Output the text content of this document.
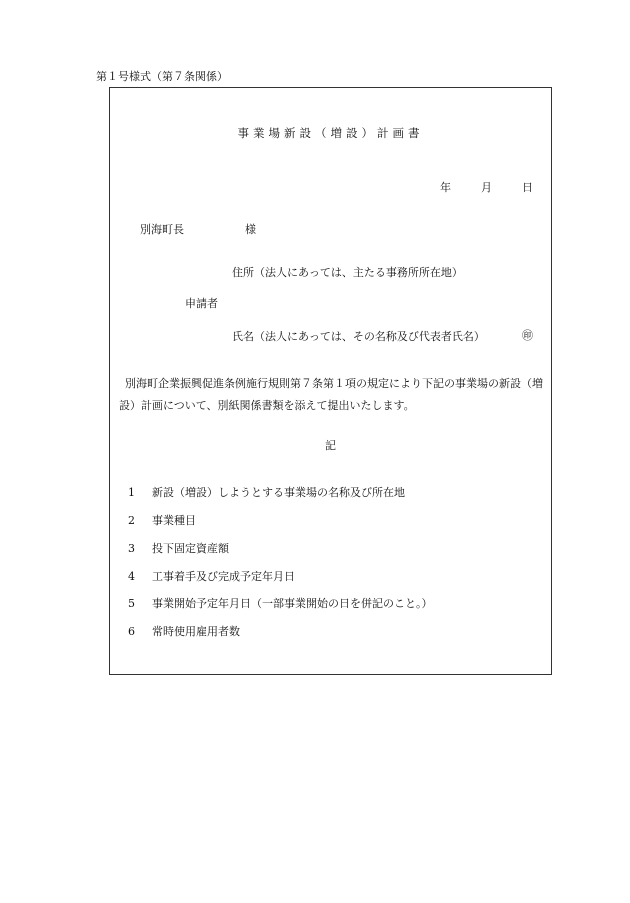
第１号様式（第７条関係）
事業場新設（増設）計画書
年	月	日
別海町長	様
住所（法人にあっては、主たる事務所所在地）
申請者
氏名（法人にあっては、その名称及び代表者氏名）	㊞
別海町企業振興促進条例施行規則第７条第１項の規定により下記の事業場の新設（増設）計画について、別紙関係書類を添えて提出いたします。
記
1	新設（増設）しようとする事業場の名称及び所在地
2	事業種目
3	投下固定資産額
4	工事着手及び完成予定年月日
5	事業開始予定年月日（一部事業開始の日を併記のこと。）
6	常時使用雇用者数
